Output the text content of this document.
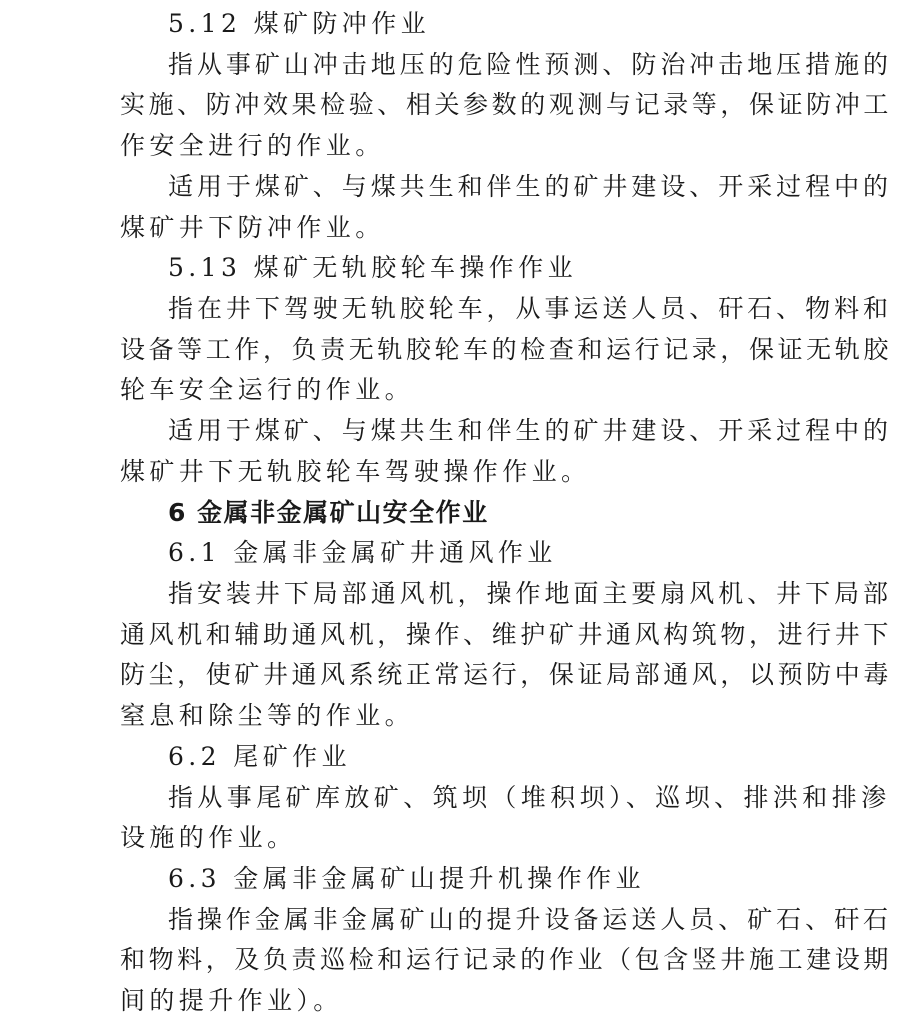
5.12 煤矿防冲作业
指从事矿山冲击地压的危险性预测、防治冲击地压措施的
实施、防冲效果检验、相关参数的观测与记录等，保证防冲工
作安全进行的作业。
适用于煤矿、与煤共生和伴生的矿井建设、开采过程中的
煤矿井下防冲作业。
5.13 煤矿无轨胶轮车操作作业
指在井下驾驶无轨胶轮车，从事运送人员、矸石、物料和
设备等工作，负责无轨胶轮车的检查和运行记录，保证无轨胶
轮车安全运行的作业。
适用于煤矿、与煤共生和伴生的矿井建设、开采过程中的
煤矿井下无轨胶轮车驾驶操作作业。
6 金属非金属矿山安全作业
6.1 金属非金属矿井通风作业
指安装井下局部通风机，操作地面主要扇风机、井下局部
通风机和辅助通风机，操作、维护矿井通风构筑物，进行井下
防尘，使矿井通风系统正常运行，保证局部通风，以预防中毒
窒息和除尘等的作业。
6.2 尾矿作业
指从事尾矿库放矿、筑坝（堆积坝）、巡坝、排洪和排渗
设施的作业。
6.3 金属非金属矿山提升机操作作业
指操作金属非金属矿山的提升设备运送人员、矿石、矸石
和物料，及负责巡检和运行记录的作业（包含竖井施工建设期
间的提升作业）。
